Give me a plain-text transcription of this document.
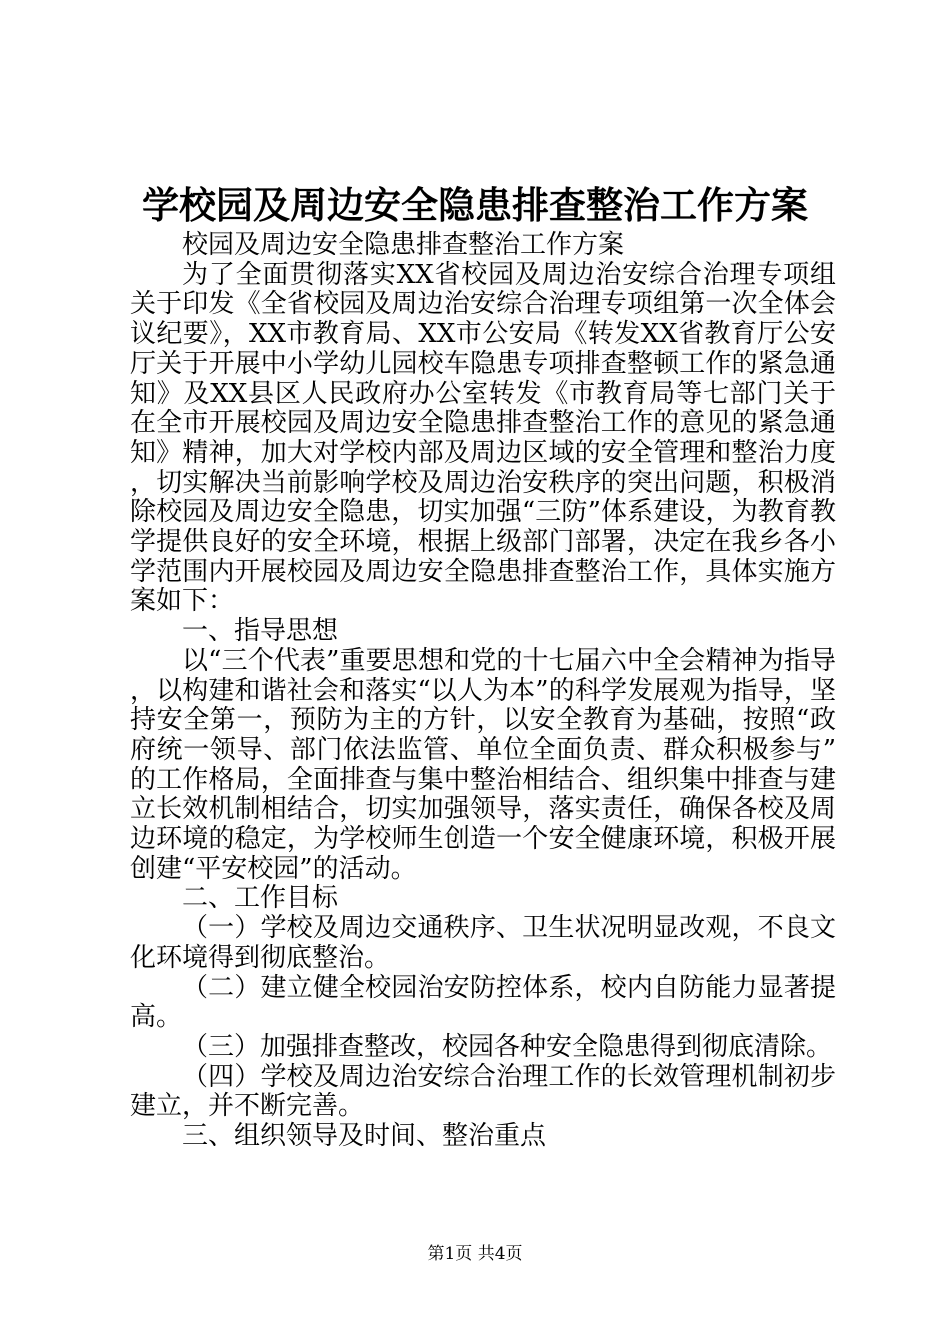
学校园及周边安全隐患排查整治工作方案

校园及周边安全隐患排查整治工作方案

为了全面贯彻落实XX省校园及周边治安综合治理专项组关于印发《全省校园及周边治安综合治理专项组第一次全体会议纪要》，XX市教育局、XX市公安局《转发XX省教育厅公安厅关于开展中小学幼儿园校车隐患专项排查整顿工作的紧急通知》及XX县区人民政府办公室转发《市教育局等七部门关于在全市开展校园及周边安全隐患排查整治工作的意见的紧急通知》精神，加大对学校内部及周边区域的安全管理和整治力度，切实解决当前影响学校及周边治安秩序的突出问题，积极消除校园及周边安全隐患，切实加强“三防”体系建设，为教育教学提供良好的安全环境，根据上级部门部署，决定在我乡各小学范围内开展校园及周边安全隐患排查整治工作，具体实施方案如下：

一、指导思想

以“三个代表”重要思想和党的十七届六中全会精神为指导，以构建和谐社会和落实“以人为本”的科学发展观为指导，坚持安全第一，预防为主的方针，以安全教育为基础，按照“政府统一领导、部门依法监管、单位全面负责、群众积极参与”的工作格局，全面排查与集中整治相结合、组织集中排查与建立长效机制相结合，切实加强领导，落实责任，确保各校及周边环境的稳定，为学校师生创造一个安全健康环境，积极开展创建“平安校园”的活动。

二、工作目标

（一）学校及周边交通秩序、卫生状况明显改观，不良文化环境得到彻底整治。

（二）建立健全校园治安防控体系，校内自防能力显著提高。

（三）加强排查整改，校园各种安全隐患得到彻底清除。

（四）学校及周边治安综合治理工作的长效管理机制初步建立，并不断完善。

三、组织领导及时间、整治重点

第1页 共4页
